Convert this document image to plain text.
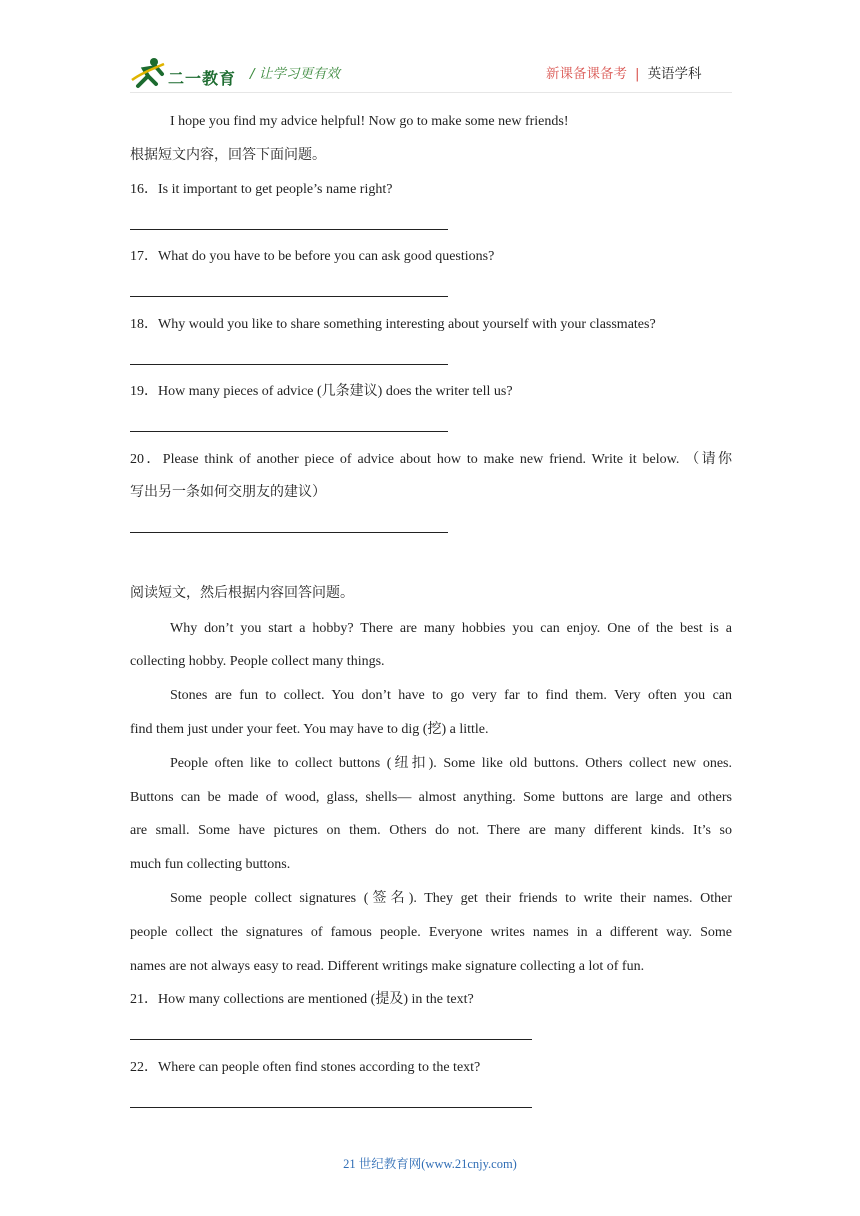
二一教育 / 让学习更有效	新课备课备考 | 英语学科
I hope you find my advice helpful! Now go to make some new friends!
根据短文内容，回答下面问题。
16．Is it important to get people’s name right?
17．What do you have to be before you can ask good questions?
18．Why would you like to share something interesting about yourself with your classmates?
19．How many pieces of advice (几条建议) does the writer tell us?
20．Please think of another piece of advice about how to make new friend. Write it below. （请你
写出另一条如何交朋友的建议）
阅读短文，然后根据内容回答问题。
Why don’t you start a hobby? There are many hobbies you can enjoy. One of the best is a
collecting hobby. People collect many things.
Stones are fun to collect. You don’t have to go very far to find them. Very often you can
find them just under your feet. You may have to dig (挖) a little.
People often like to collect buttons (纽扣). Some like old buttons. Others collect new ones.
Buttons can be made of wood, glass, shells— almost anything. Some buttons are large and others
are small. Some have pictures on them. Others do not. There are many different kinds. It’s so
much fun collecting buttons.
Some people collect signatures (签名). They get their friends to write their names. Other
people collect the signatures of famous people. Everyone writes names in a different way. Some
names are not always easy to read. Different writings make signature collecting a lot of fun.
21．How many collections are mentioned (提及) in the text?
22．Where can people often find stones according to the text?
21 世纪教育网(www.21cnjy.com)
